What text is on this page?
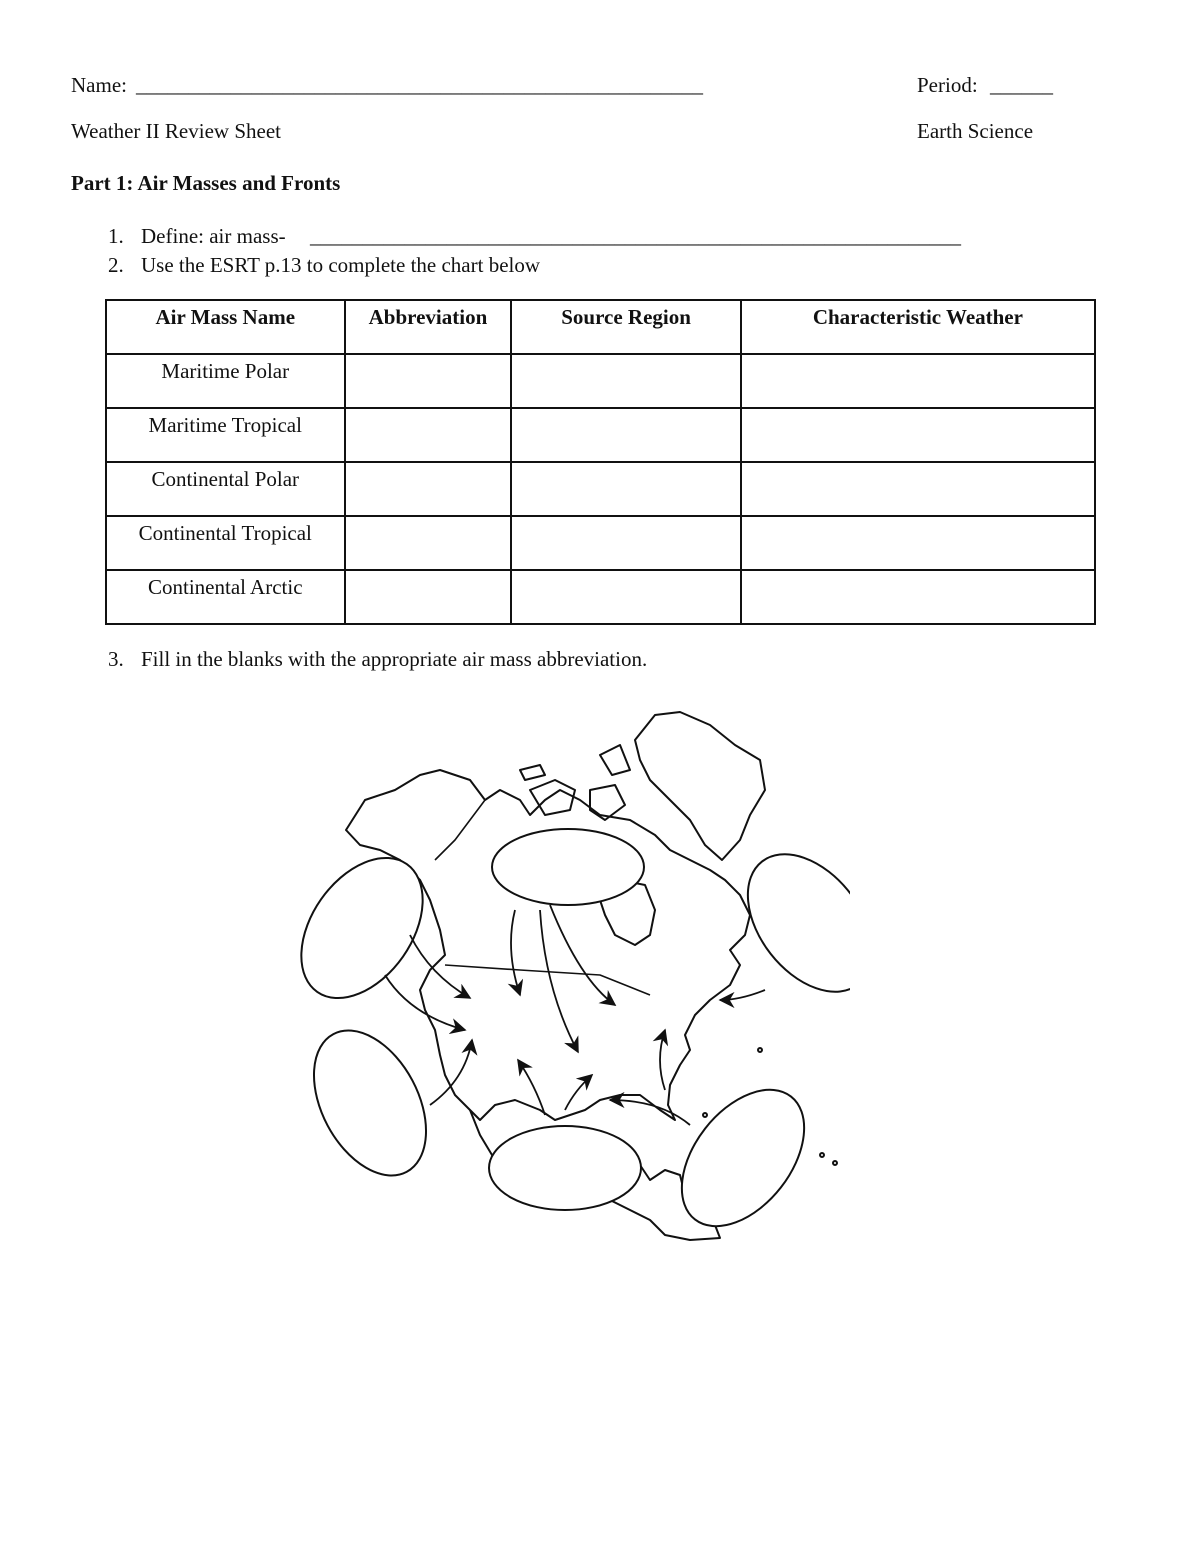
Name: ______________________________________________________	Period: ______
Weather II Review Sheet	Earth Science
Part 1: Air Masses and Fronts
1. Define: air mass- ______________________________________________________________
2. Use the ESRT p.13 to complete the chart below
Air Mass Name	Abbreviation	Source Region	Characteristic Weather
Maritime Polar			
Maritime Tropical			
Continental Polar			
Continental Tropical			
Continental Arctic			
3. Fill in the blanks with the appropriate air mass abbreviation.
